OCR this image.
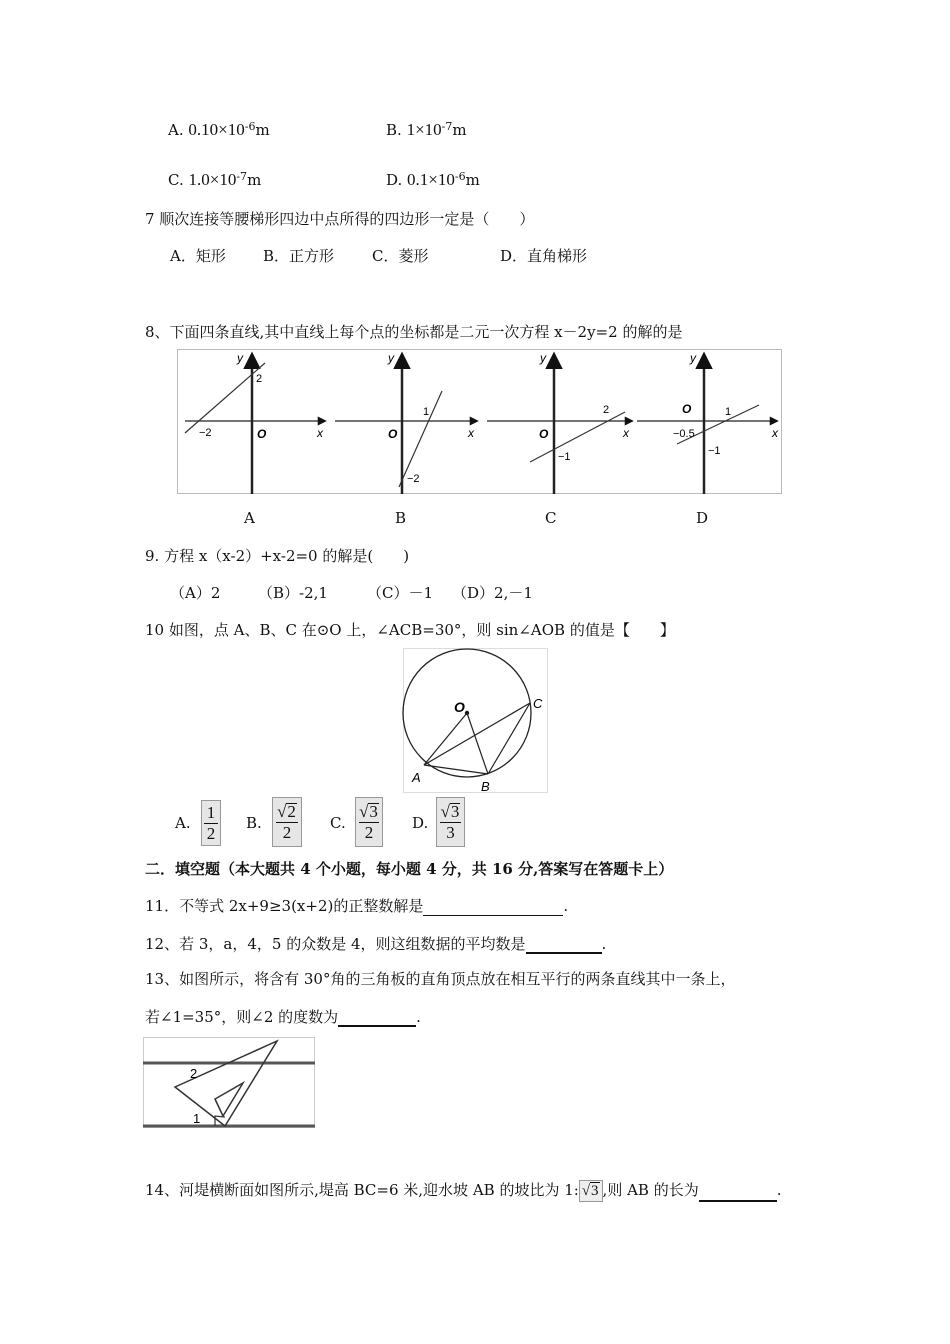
A. $0.10\times 10^{-6}m$	B. $1\times 10^{-7}m$
C. $1.0\times 10^{-7}m$	D. $0.1\times 10^{-6}m$
7 顺次连接等腰梯形四边中点所得的四边形一定是（　　）
A．矩形 B．正方形	C．菱形	D．直角梯形
8、下面四条直线,其中直线上每个点的坐标都是二元一次方程 x－2y=2 的解的是
y
x
O
2
−2
y
x
O
1
−2
y
x
O
2
−1
y
x
O	1
−0.5
−1
A	B	C	D
9. 方程 x（x-2）+x-2=0 的解是(　　)
（A）2	（B）-2,1	（C）－1 （D）2,－1
10 如图，点 A、B、C 在⊙O 上，∠ACB=30°，则 sin∠AOB 的值是【　　】
O
A
B
C
A.
1
2
B.
√2
2	C.
√3
2	D.
√3
3
二．填空题（本大题共 4 个小题，每小题 4 分，共 16 分,答案写在答题卡上）
11．不等式 2x+9≥3(x+2)的正整数解是	.
12、若 3，a，4，5 的众数是 4，则这组数据的平均数是	.
13、如图所示，将含有 30°角的三角板的直角顶点放在相互平行的两条直线其中一条上，
若∠1=35°，则∠2 的度数为	.
2
1
14、河堤横断面如图所示,堤高 BC=6 米,迎水坡 AB 的坡比为 1: √3 ,则 AB 的长为	.
